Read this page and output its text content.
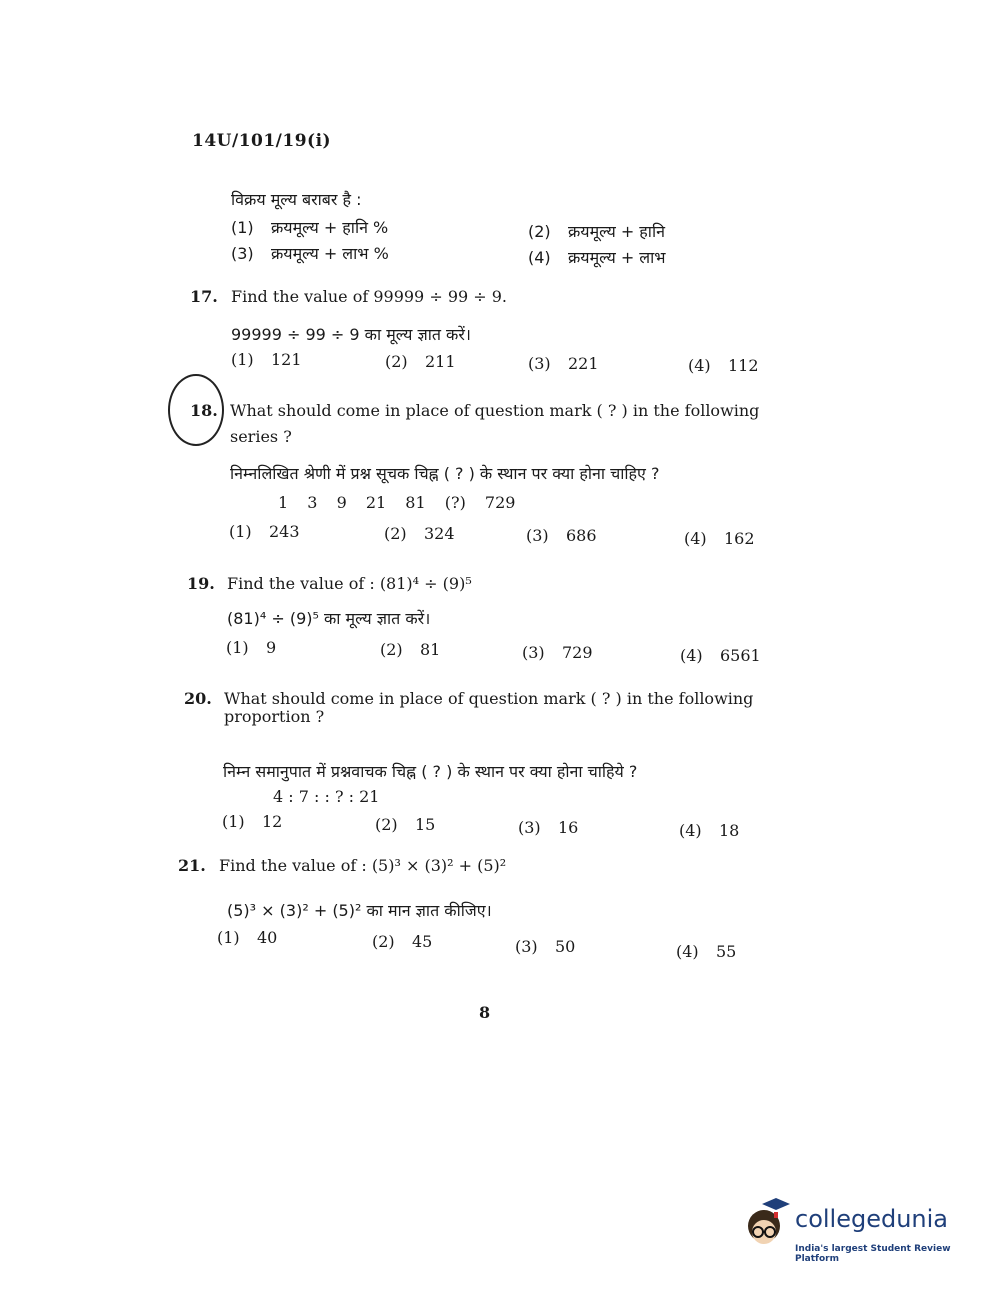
14U/101/19(i)
विक्रय मूल्य बराबर है :
(1) क्रयमूल्य + हानि %	(2) क्रयमूल्य + हानि
(3) क्रयमूल्य + लाभ %	(4) क्रयमूल्य + लाभ
17. Find the value of 99999 ÷ 99 ÷ 9.
99999 ÷ 99 ÷ 9 का मूल्य ज्ञात करें।
(1) 121	(2) 211	(3) 221	(4) 112
18. What should come in place of question mark ( ? ) in the following
series ?
निम्नलिखित श्रेणी में प्रश्न सूचक चिह्न ( ? ) के स्थान पर क्या होना चाहिए ?
1 3 9 21 81 (?) 729
(1) 243	(2) 324	(3) 686	(4) 162
19. Find the value of : (81)⁴ ÷ (9)⁵
(81)⁴ ÷ (9)⁵ का मूल्य ज्ञात करें।
(1) 9	(2) 81	(3) 729	(4) 6561
20. What should come in place of question mark ( ? ) in the following
proportion ?
निम्न समानुपात में प्रश्नवाचक चिह्न ( ? ) के स्थान पर क्या होना चाहिये ?
4 : 7 : : ? : 21
(1) 12	(2) 15	(3) 16	(4) 18
21. Find the value of : (5)³ × (3)² + (5)²
(5)³ × (3)² + (5)² का मान ज्ञात कीजिए।
(1) 40	(2) 45	(3) 50	(4) 55
8
collegedunia
India's largest Student Review Platform
